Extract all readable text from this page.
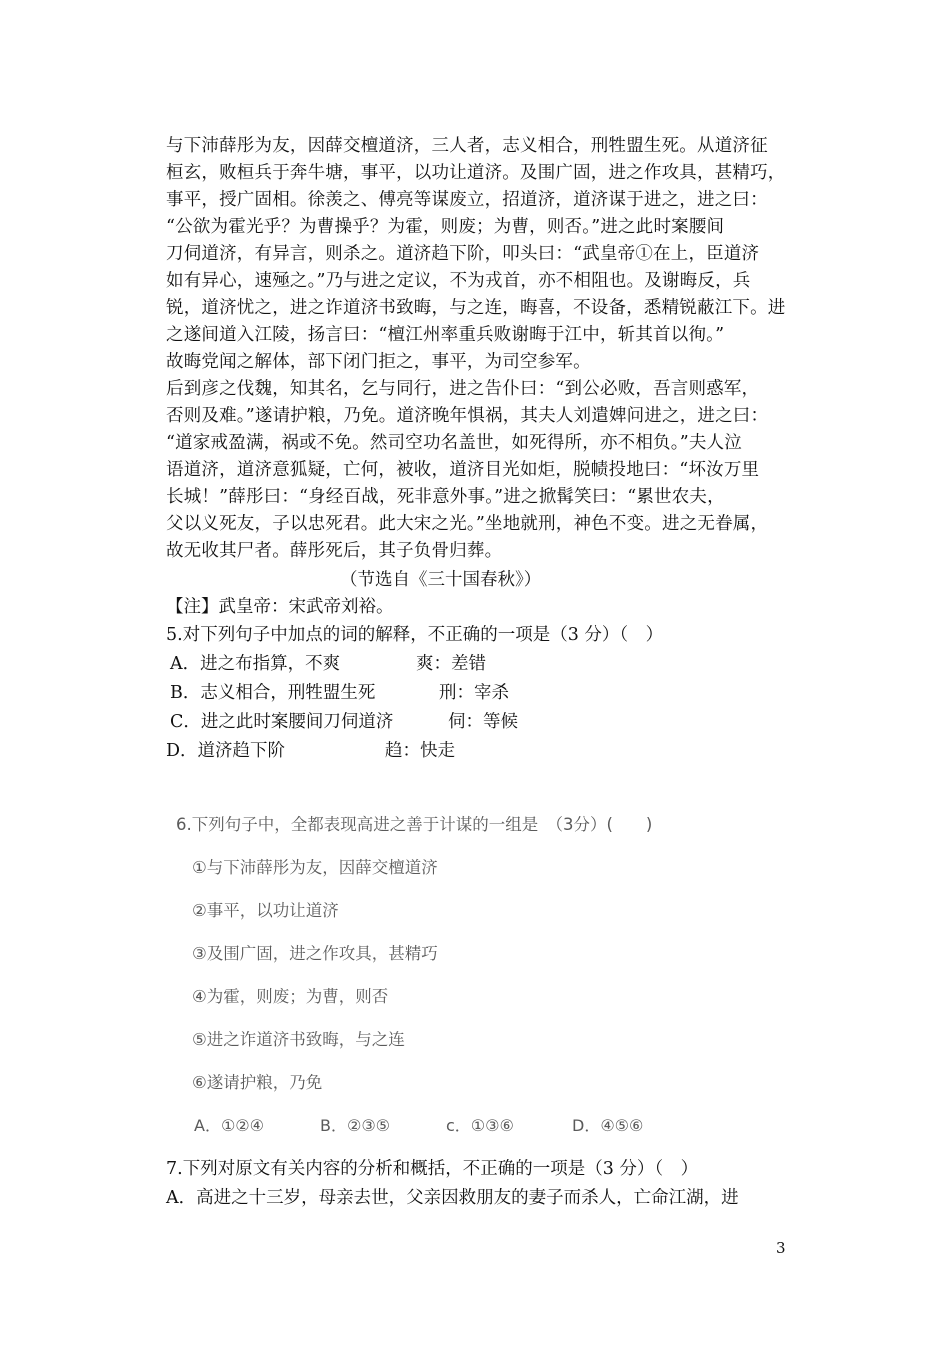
与下沛薛彤为友，因薛交檀道济，三人者，志义相合，刑牲盟生死。从道济征

桓玄，败桓兵于奔牛塘，事平，以功让道济。及围广固，进之作攻具，甚精巧，

事平，授广固相。徐羡之、傅亮等谋废立，招道济，道济谋于进之，进之曰：

“公欲为霍光乎？为曹操乎？为霍，则废；为曹，则否。”进之此时案腰间

刀伺道济，有异言，则杀之。道济趋下阶，叩头曰：“武皇帝①在上，臣道济

如有异心，速殛之。”乃与进之定议，不为戎首，亦不相阻也。及谢晦反，兵

锐，道济忧之，进之诈道济书致晦，与之连，晦喜，不设备，悉精锐蔽江下。进

之遂间道入江陵，扬言曰：“檀江州率重兵败谢晦于江中，斩其首以徇。”

故晦党闻之解体，部下闭门拒之，事平，为司空参军。

后到彦之伐魏，知其名，乞与同行，进之告仆曰：“到公必败，吾言则惑军，

否则及难。”遂请护粮，乃免。道济晚年惧祸，其夫人刘遣婢问进之，进之曰：

“道家戒盈满，祸或不免。然司空功名盖世，如死得所，亦不相负。”夫人泣

语道济，道济意狐疑，亡何，被收，道济目光如炬，脱帻投地曰：“坏汝万里

长城！”薛彤曰：“身经百战，死非意外事。”进之掀髯笑曰：“累世农夫，

父以义死友，子以忠死君。此大宋之光。”坐地就刑，神色不变。进之无眷属，

故无收其尸者。薛彤死后，其子负骨归葬。

（节选自《三十国春秋》）

【注】武皇帝：宋武帝刘裕。

5.对下列句子中加点的词的解释，不正确的一项是（3 分）（　）

A．进之布指算，不爽	爽：差错
B．志义相合，刑牲盟生死	刑：宰杀
C．进之此时案腰间刀伺道济	伺：等候
D．道济趋下阶	趋：快走
6.下列句子中，全都表现高进之善于计谋的一组是　（3分）(　　)
①与下沛薛彤为友，因薛交檀道济
②事平，以功让道济
③及围广固，进之作攻具，甚精巧
④为霍，则废；为曹，则否
⑤进之诈道济书致晦，与之连
⑥遂请护粮，乃免
A．①②④	B．②③⑤	c．①③⑥	D．④⑤⑥

7.下列对原文有关内容的分析和概括，不正确的一项是（3 分）（　）

A．高进之十三岁，母亲去世，父亲因救朋友的妻子而杀人，亡命江湖，进

3
